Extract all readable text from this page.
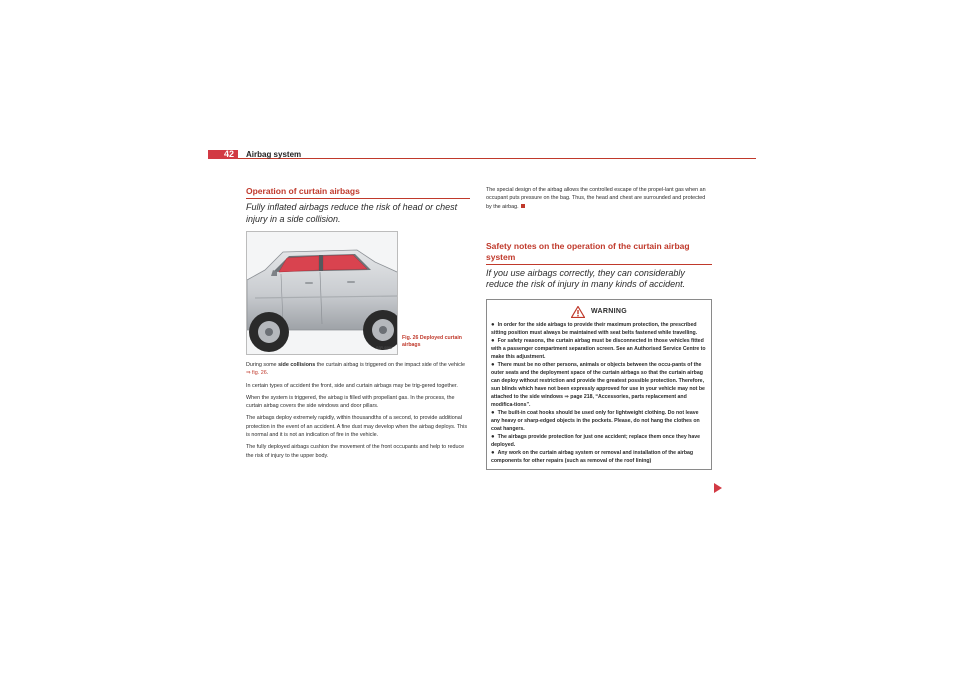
42	Airbag system
Operation of curtain airbags

Fully inflated airbags reduce the risk of head or chest injury in a side collision.

B3R-0066
Fig. 26 Deployed curtain airbags

During some side collisions the curtain airbag is triggered on the impact side of the vehicle ⇒ fig. 26.

In certain types of accident the front, side and curtain airbags may be trig-gered together.

When the system is triggered, the airbag is filled with propellant gas. In the process, the curtain airbag covers the side windows and door pillars.

The airbags deploy extremely rapidly, within thousandths of a second, to provide additional protection in the event of an accident. A fine dust may develop when the airbag deploys. This is normal and it is not an indication of fire in the vehicle.

The fully deployed airbags cushion the movement of the front occupants and help to reduce the risk of injury to the upper body.

The special design of the airbag allows the controlled escape of the propel-lant gas when an occupant puts pressure on the bag. Thus, the head and chest are surrounded and protected by the airbag.

Safety notes on the operation of the curtain airbag system

If you use airbags correctly, they can considerably reduce the risk of injury in many kinds of accident.

WARNING

● In order for the side airbags to provide their maximum protection, the prescribed sitting position must always be maintained with seat belts fastened while travelling.

● For safety reasons, the curtain airbag must be disconnected in those vehicles fitted with a passenger compartment separation screen. See an Authorised Service Centre to make this adjustment.

● There must be no other persons, animals or objects between the occu-pants of the outer seats and the deployment space of the curtain airbags so that the curtain airbag can deploy without restriction and provide the greatest possible protection. Therefore, sun blinds which have not been expressly approved for use in your vehicle may not be attached to the side windows ⇒ page 218, “Accessories, parts replacement and modifica-tions”.

● The built-in coat hooks should be used only for lightweight clothing. Do not leave any heavy or sharp-edged objects in the pockets. Please, do not hang the clothes on coat hangers.

● The airbags provide protection for just one accident; replace them once they have deployed.

● Any work on the curtain airbag system or removal and installation of the airbag components for other repairs (such as removal of the roof lining)
